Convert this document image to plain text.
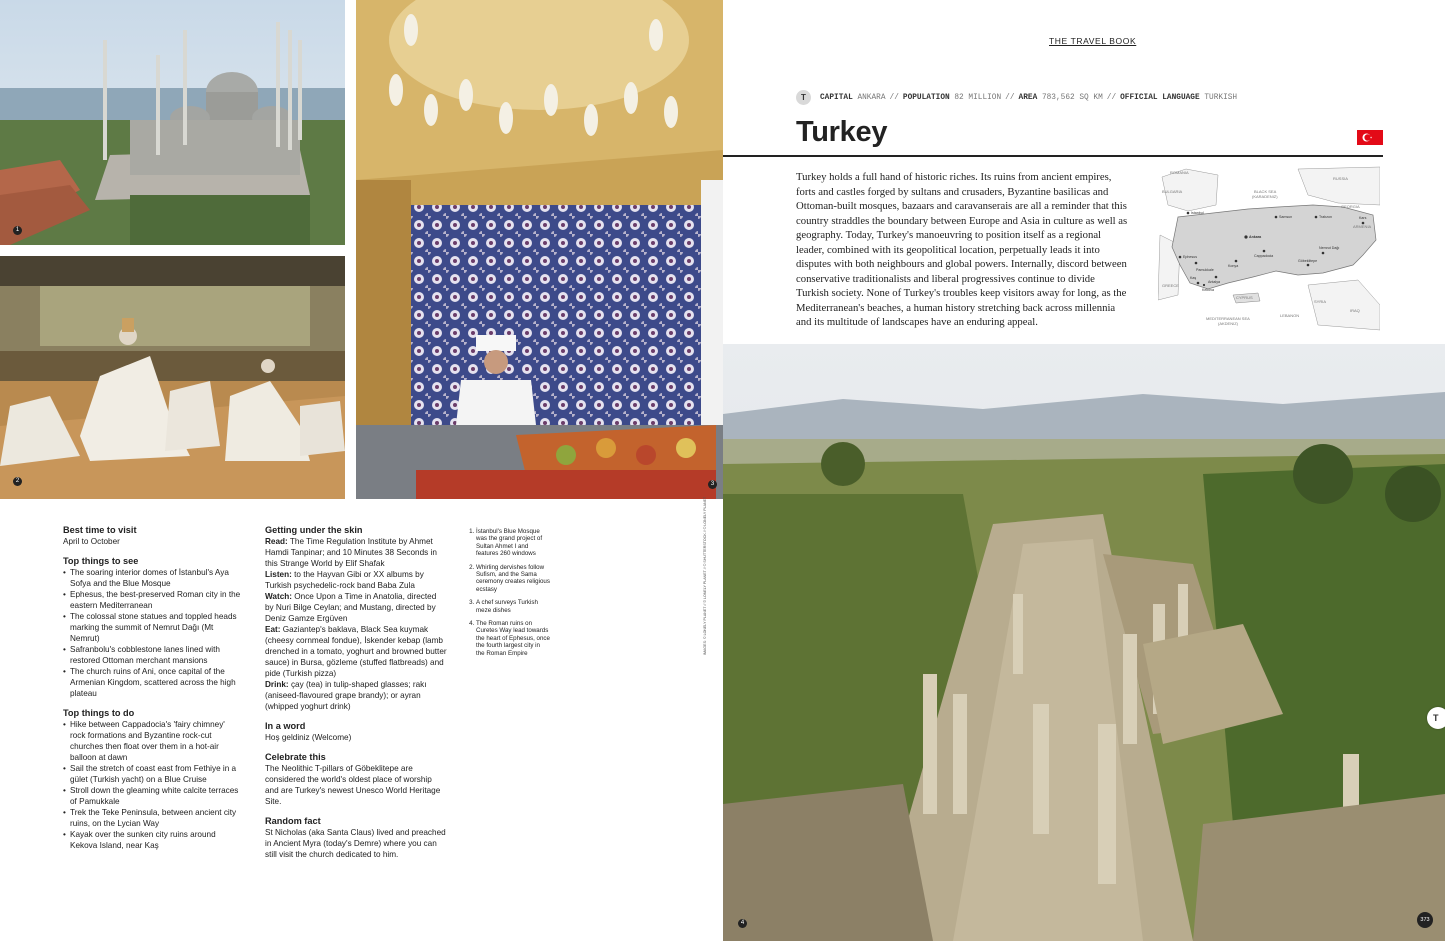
1
2	3
4
Best time to visit

April to October

Top things to see
• The soaring interior domes of İstanbul's Aya Sofya and the Blue Mosque
• Ephesus, the best-preserved Roman city in the eastern Mediterranean
• The colossal stone statues and toppled heads marking the summit of Nemrut Dağı (Mt Nemrut)
• Safranbolu's cobblestone lanes lined with restored Ottoman merchant mansions
• The church ruins of Ani, once capital of the Armenian Kingdom, scattered across the high plateau
Top things to do
• Hike between Cappadocia's 'fairy chimney' rock formations and Byzantine rock-cut churches then float over them in a hot-air balloon at dawn
• Sail the stretch of coast east from Fethiye in a gület (Turkish yacht) on a Blue Cruise
• Stroll down the gleaming white calcite terraces of Pamukkale
• Trek the Teke Peninsula, between ancient city ruins, on the Lycian Way
• Kayak over the sunken city ruins around Kekova Island, near Kaş
Getting under the skin
Read: The Time Regulation Institute by Ahmet Hamdi Tanpinar; and 10 Minutes 38 Seconds in this Strange World by Elif Shafak
Listen: to the Hayvan Gibi or XX albums by Turkish psychedelic-rock band Baba Zula
Watch: Once Upon a Time in Anatolia, directed by Nuri Bilge Ceylan; and Mustang, directed by Deniz Gamze Ergüven
Eat: Gaziantep's baklava, Black Sea kuymak (cheesy cornmeal fondue), İskender kebap (lamb drenched in a tomato, yoghurt and browned butter sauce) in Bursa, gözleme (stuffed flatbreads) and pide (Turkish pizza)
Drink: çay (tea) in tulip-shaped glasses; rakı (aniseed-flavoured grape brandy); or ayran (whipped yoghurt drink)
In a word

Hoş geldiniz (Welcome)

Celebrate this

The Neolithic T-pillars of Göbeklitepe are considered the world's oldest place of worship and are Turkey's newest Unesco World Heritage Site.

Random fact

St Nicholas (aka Santa Claus) lived and preached in Ancient Myra (today's Demre) where you can still visit the church dedicated to him.

1. İstanbul's Blue Mosque was the grand project of Sultan Ahmet I and features 260 windows
2. Whirling dervishes follow Sufism, and the Sama ceremony creates religious ecstasy
3. A chef surveys Turkish meze dishes
4. The Roman ruins on Curetes Way lead towards the heart of Ephesus, once the fourth largest city in the Roman Empire	IMAGES: © LONELY PLANET // © LONELY PLANET // © SHUTTERSTOCK // © LONELY PLANET
THE TRAVEL BOOK
T	CAPITAL
ANKARA // POPULATION
82 MILLION // AREA
783,562 SQ KM // OFFICIAL LANGUAGE
TURKISH
Turkey
Turkey holds a full hand of historic riches. Its ruins from ancient empires, forts and castles forged by sultans and crusaders, Byzantine basilicas and Ottoman-built mosques, bazaars and caravanserais are all a reminder that this country straddles the boundary between Europe and Asia in culture as well as geography. Today, Turkey's manoeuvring to position itself as a regional leader, combined with its geopolitical location, perpetually leads it into disputes with both neighbours and global powers. Internally, discord between conservative traditionalists and liberal progressives continue to divide Turkish society. None of Turkey's troubles keep visitors away for long, as the Mediterranean's beaches, a human history stretching back across millennia and its multitude of landscapes have an enduring appeal.
ROMANIA
BULGARIA	BLACK SEA
(KARADENIZ)
RUSSIA
GEORGIA
ARMENIA
GREECE
CYPRUS
SYRIA
LEBANON
IRAQ
MEDITERRANEAN SEA
(AKDENIZ)
Istanbul
Ankara
Ephesus
Trabzon	Kars
Nemrut Dağı
Göbeklitepe
Samsun
Cappadocia
Konya
Antalya
Pamukkale
Kaş
Kekova
T
373
